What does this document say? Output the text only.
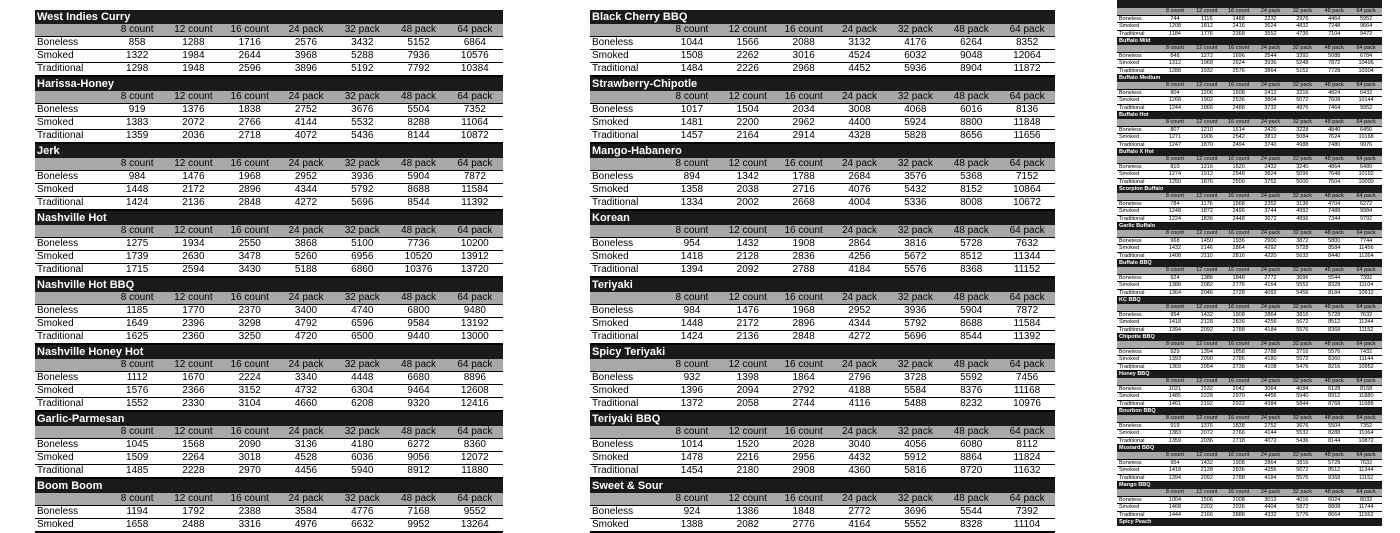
West Indies Curry
8 count	12 count	16 count	24 pack	32 pack	48 pack	64 pack
Boneless	858	1288	1716	2576	3432	5152	6864
Smoked	1322	1984	2644	3968	5288	7936	10576
Traditional	1298	1948	2596	3896	5192	7792	10384
Harissa-Honey
8 count	12 count	16 count	24 pack	32 pack	48 pack	64 pack
Boneless	919	1376	1838	2752	3676	5504	7352
Smoked	1383	2072	2766	4144	5532	8288	11064
Traditional	1359	2036	2718	4072	5436	8144	10872
Jerk
8 count	12 count	16 count	24 pack	32 pack	48 pack	64 pack
Boneless	984	1476	1968	2952	3936	5904	7872
Smoked	1448	2172	2896	4344	5792	8688	11584
Traditional	1424	2136	2848	4272	5696	8544	11392
Nashville Hot
8 count	12 count	16 count	24 pack	32 pack	48 pack	64 pack
Boneless	1275	1934	2550	3868	5100	7736	10200
Smoked	1739	2630	3478	5260	6956	10520	13912
Traditional	1715	2594	3430	5188	6860	10376	13720
Nashville Hot BBQ
8 count	12 count	16 count	24 pack	32 pack	48 pack	64 pack
Boneless	1185	1770	2370	3400	4740	6800	9480
Smoked	1649	2396	3298	4792	6596	9584	13192
Traditional	1625	2360	3250	4720	6500	9440	13000
Nashville Honey Hot
8 count	12 count	16 count	24 pack	32 pack	48 pack	64 pack
Boneless	1112	1670	2224	3340	4448	6680	8896
Smoked	1576	2366	3152	4732	6304	9464	12608
Traditional	1552	2330	3104	4660	6208	9320	12416
Garlic-Parmesan
8 count	12 count	16 count	24 pack	32 pack	48 pack	64 pack
Boneless	1045	1568	2090	3136	4180	6272	8360
Smoked	1509	2264	3018	4528	6036	9056	12072
Traditional	1485	2228	2970	4456	5940	8912	11880
Boom Boom
8 count	12 count	16 count	24 pack	32 pack	48 pack	64 pack
Boneless	1194	1792	2388	3584	4776	7168	9552
Smoked	1658	2488	3316	4976	6632	9952	13264
Black Cherry BBQ
8 count	12 count	16 count	24 pack	32 pack	48 pack	64 pack
Boneless	1044	1566	2088	3132	4176	6264	8352
Smoked	1508	2262	3016	4524	6032	9048	12064
Traditional	1484	2226	2968	4452	5936	8904	11872
Strawberry-Chipotle
8 count	12 count	16 count	24 pack	32 pack	48 pack	64 pack
Boneless	1017	1504	2034	3008	4068	6016	8136
Smoked	1481	2200	2962	4400	5924	8800	11848
Traditional	1457	2164	2914	4328	5828	8656	11656
Mango-Habanero
8 count	12 count	16 count	24 pack	32 pack	48 pack	64 pack
Boneless	894	1342	1788	2684	3576	5368	7152
Smoked	1358	2038	2716	4076	5432	8152	10864
Traditional	1334	2002	2668	4004	5336	8008	10672
Korean
8 count	12 count	16 count	24 pack	32 pack	48 pack	64 pack
Boneless	954	1432	1908	2864	3816	5728	7632
Smoked	1418	2128	2836	4256	5672	8512	11344
Traditional	1394	2092	2788	4184	5576	8368	11152
Teriyaki
8 count	12 count	16 count	24 pack	32 pack	48 pack	64 pack
Boneless	984	1476	1968	2952	3936	5904	7872
Smoked	1448	2172	2896	4344	5792	8688	11584
Traditional	1424	2136	2848	4272	5696	8544	11392
Spicy Teriyaki
8 count	12 count	16 count	24 pack	32 pack	48 pack	64 pack
Boneless	932	1398	1864	2796	3728	5592	7456
Smoked	1396	2094	2792	4188	5584	8376	11168
Traditional	1372	2058	2744	4116	5488	8232	10976
Teriyaki BBQ
8 count	12 count	16 count	24 pack	32 pack	48 pack	64 pack
Boneless	1014	1520	2028	3040	4056	6080	8112
Smoked	1478	2216	2956	4432	5912	8864	11824
Traditional	1454	2180	2908	4360	5816	8720	11632
Sweet & Sour
8 count	12 count	16 count	24 pack	32 pack	48 pack	64 pack
Boneless	924	1386	1848	2772	3696	5544	7392
Smoked	1388	2082	2776	4164	5552	8328	11104
8 count	12 count	16 count	24 pack	32 pack	48 pack	64 pack
Boneless	744	1116	1488	2232	2976	4464	5952
Smoked	1208	1812	2416	3624	4832	7248	9664
Traditional	1184	1776	2368	3552	4736	7104	9472
Buffalo Mild
8 count	12 count	16 count	24 pack	32 pack	48 pack	64 pack
Boneless	848	1272	1696	2544	3392	5088	6784
Smoked	1312	1968	2624	3936	5248	7872	10496
Traditional	1288	1932	2576	3864	5152	7728	10304
Buffalo Medium
8 count	12 count	16 count	24 pack	32 pack	48 pack	64 pack
Boneless	804	1206	1608	2412	3216	4824	6432
Smoked	1268	1902	2536	3804	5072	7608	10144
Traditional	1244	1866	2488	3732	4976	7464	9952
Buffalo Hot
8 count	12 count	16 count	24 pack	32 pack	48 pack	64 pack
Boneless	807	1210	1614	2420	3228	4840	6456
Smoked	1271	1906	2542	3812	5084	7624	10168
Traditional	1247	1870	2494	3740	4988	7480	9976
Buffalo X Hot
8 count	12 count	16 count	24 pack	32 pack	48 pack	64 pack
Boneless	810	1216	1620	2432	3240	4864	6480
Smoked	1274	1912	2548	3824	5096	7648	10192
Traditional	1250	1876	2500	3752	5000	7504	10000
Scorpion Buffalo
8 count	12 count	16 count	24 pack	32 pack	48 pack	64 pack
Boneless	784	1176	1568	2352	3136	4704	6272
Smoked	1248	1872	2496	3744	4992	7488	9984
Traditional	1224	1836	2448	3672	4896	7344	9792
Garlic Buffalo
8 count	12 count	16 count	24 pack	32 pack	48 pack	64 pack
Boneless	968	1450	1936	2900	3872	5800	7744
Smoked	1432	2146	2864	4292	5728	8584	11456
Traditional	1408	2110	2816	4220	5632	8440	11264
Buffalo BBQ
8 count	12 count	16 count	24 pack	32 pack	48 pack	64 pack
Boneless	924	1386	1848	2772	3696	5544	7392
Smoked	1388	2082	2776	4164	5552	8328	11104
Traditional	1364	2046	2728	4092	5456	8184	10912
KC BBQ
8 count	12 count	16 count	24 pack	32 pack	48 pack	64 pack
Boneless	954	1432	1908	2864	3816	5728	7632
Smoked	1418	2128	2836	4256	5672	8512	11344
Traditional	1394	2092	2788	4184	5576	8368	11152
Chipotle BBQ
8 count	12 count	16 count	24 pack	32 pack	48 pack	64 pack
Boneless	929	1394	1858	2788	3716	5576	7432
Smoked	1393	2090	2786	4180	5572	8360	11144
Traditional	1369	2054	2738	4108	5476	8216	10952
Honey BBQ
8 count	12 count	16 count	24 pack	32 pack	48 pack	64 pack
Boneless	1021	1532	2042	3064	4084	6128	8168
Smoked	1485	2228	2970	4456	5940	8912	11880
Traditional	1461	2192	2922	4384	5844	8768	11688
Bourbon BBQ
8 count	12 count	16 count	24 pack	32 pack	48 pack	64 pack
Boneless	919	1376	1838	2752	3676	5504	7352
Smoked	1383	2072	2766	4144	5532	8288	11064
Traditional	1359	2036	2718	4072	5436	8144	10872
Mustard BBQ
8 count	12 count	16 count	24 pack	32 pack	48 pack	64 pack
Boneless	954	1432	1908	2864	3816	5728	7632
Smoked	1418	2128	2836	4256	5672	8512	11344
Traditional	1394	2092	2788	4184	5576	8368	11152
Mango BBQ
8 count	12 count	16 count	24 pack	32 pack	48 pack	64 pack
Boneless	1004	1506	2008	3012	4016	6024	8032
Smoked	1468	2202	2936	4404	5872	8808	11744
Traditional	1444	2166	2888	4332	5776	8664	11552
Spicy Peach
